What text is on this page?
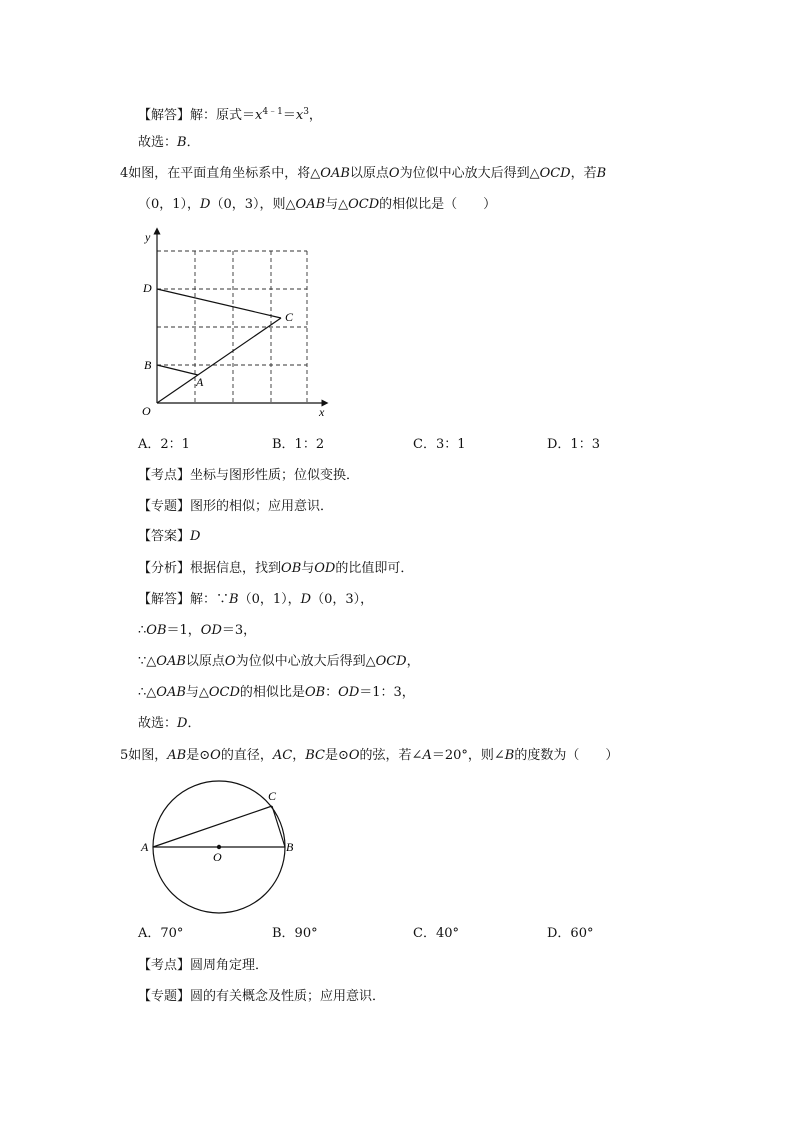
【解答】解：原式$=x^{4﹣1}=x^3$，
故选：B．
4如图，在平面直角坐标系中，将△OAB以原点O为位似中心放大后得到△OCD，若B
（0，1），D（0，3），则△OAB与△OCD的相似比是（　　）
y
x
D
C
B
A
O
A．2：1	B．1：2	C．3：1	D．1：3
【考点】坐标与图形性质；位似变换．
【专题】图形的相似；应用意识．
【答案】D
【分析】根据信息，找到OB与OD的比值即可．
【解答】解：∵B（0，1），D（0，3），
∴OB＝1，OD＝3，
∵△OAB以原点O为位似中心放大后得到△OCD，
∴△OAB与△OCD的相似比是OB：OD＝1：3，
故选：D．
5如图，AB是⊙O的直径，AC，BC是⊙O的弦，若∠A＝20°，则∠B的度数为（　　）
A	B
C
O
A．70°	B．90°	C．40°	D．60°
【考点】圆周角定理．
【专题】圆的有关概念及性质；应用意识．
